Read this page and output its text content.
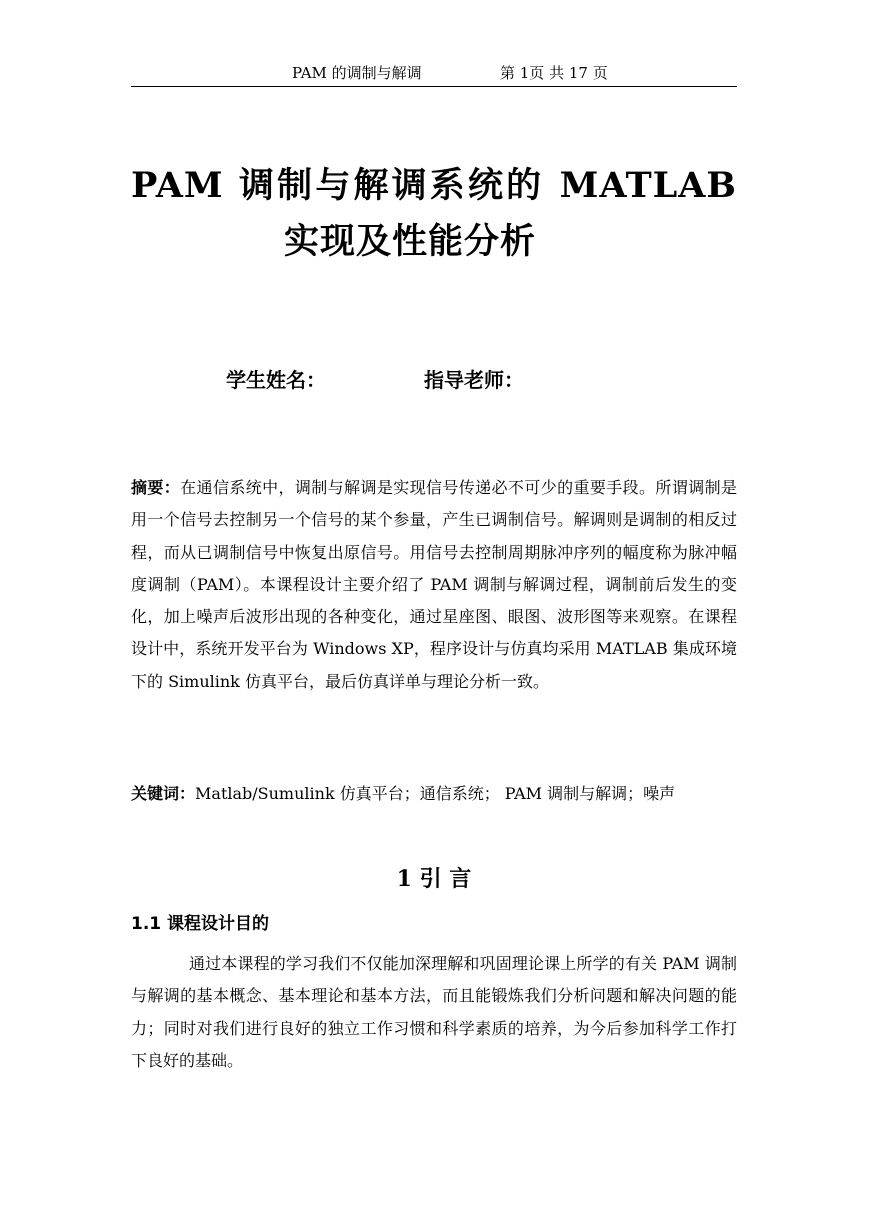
PAM 的调制与解调	第 1页 共 17 页
PAM 调制与解调系统的 MATLAB
实现及性能分析
学生姓名：	指导老师：

摘要：在通信系统中，调制与解调是实现信号传递必不可少的重要手段。所谓调制是用一个信号去控制另一个信号的某个参量，产生已调制信号。解调则是调制的相反过程，而从已调制信号中恢复出原信号。用信号去控制周期脉冲序列的幅度称为脉冲幅度调制（PAM）。本课程设计主要介绍了 PAM 调制与解调过程，调制前后发生的变化，加上噪声后波形出现的各种变化，通过星座图、眼图、波形图等来观察。在课程设计中，系统开发平台为 Windows XP，程序设计与仿真均采用 MATLAB 集成环境下的 Simulink 仿真平台，最后仿真详单与理论分析一致。

关键词：Matlab/Sumulink 仿真平台；通信系统； PAM 调制与解调；噪声

1 引 言
1.1 课程设计目的

通过本课程的学习我们不仅能加深理解和巩固理论课上所学的有关 PAM 调制与解调的基本概念、基本理论和基本方法，而且能锻炼我们分析问题和解决问题的能力；同时对我们进行良好的独立工作习惯和科学素质的培养，为今后参加科学工作打下良好的基础。
